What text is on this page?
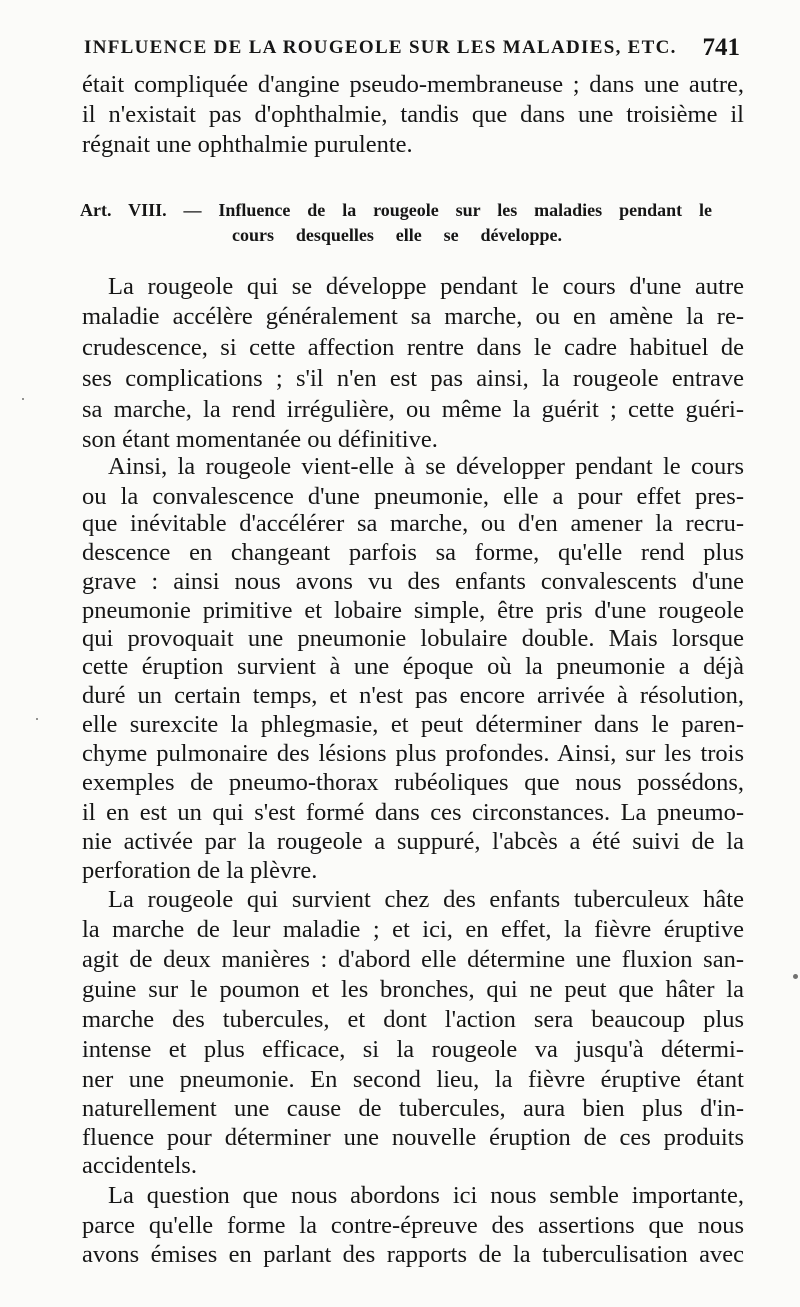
INFLUENCE DE LA ROUGEOLE SUR LES MALADIES, ETC. 741
était compliquée d'angine pseudo-membraneuse ; dans une autre,
il n'existait pas d'ophthalmie, tandis que dans une troisième il
régnait une ophthalmie purulente.
Art. VIII. — Influence de la rougeole sur les maladies pendant le
cours desquelles elle se développe.
La rougeole qui se développe pendant le cours d'une autre
maladie accélère généralement sa marche, ou en amène la re-
crudescence, si cette affection rentre dans le cadre habituel de
ses complications ; s'il n'en est pas ainsi, la rougeole entrave
sa marche, la rend irrégulière, ou même la guérit ; cette guéri-
son étant momentanée ou définitive.
Ainsi, la rougeole vient-elle à se développer pendant le cours
ou la convalescence d'une pneumonie, elle a pour effet pres-
que inévitable d'accélérer sa marche, ou d'en amener la recru-
descence en changeant parfois sa forme, qu'elle rend plus
grave : ainsi nous avons vu des enfants convalescents d'une
pneumonie primitive et lobaire simple, être pris d'une rougeole
qui provoquait une pneumonie lobulaire double. Mais lorsque
cette éruption survient à une époque où la pneumonie a déjà
duré un certain temps, et n'est pas encore arrivée à résolution,
elle surexcite la phlegmasie, et peut déterminer dans le paren-
chyme pulmonaire des lésions plus profondes. Ainsi, sur les trois
exemples de pneumo-thorax rubéoliques que nous possédons,
il en est un qui s'est formé dans ces circonstances. La pneumo-
nie activée par la rougeole a suppuré, l'abcès a été suivi de la
perforation de la plèvre.
La rougeole qui survient chez des enfants tuberculeux hâte
la marche de leur maladie ; et ici, en effet, la fièvre éruptive
agit de deux manières : d'abord elle détermine une fluxion san-
guine sur le poumon et les bronches, qui ne peut que hâter la
marche des tubercules, et dont l'action sera beaucoup plus
intense et plus efficace, si la rougeole va jusqu'à détermi-
ner une pneumonie. En second lieu, la fièvre éruptive étant
naturellement une cause de tubercules, aura bien plus d'in-
fluence pour déterminer une nouvelle éruption de ces produits
accidentels.
La question que nous abordons ici nous semble importante,
parce qu'elle forme la contre-épreuve des assertions que nous
avons émises en parlant des rapports de la tuberculisation avec
